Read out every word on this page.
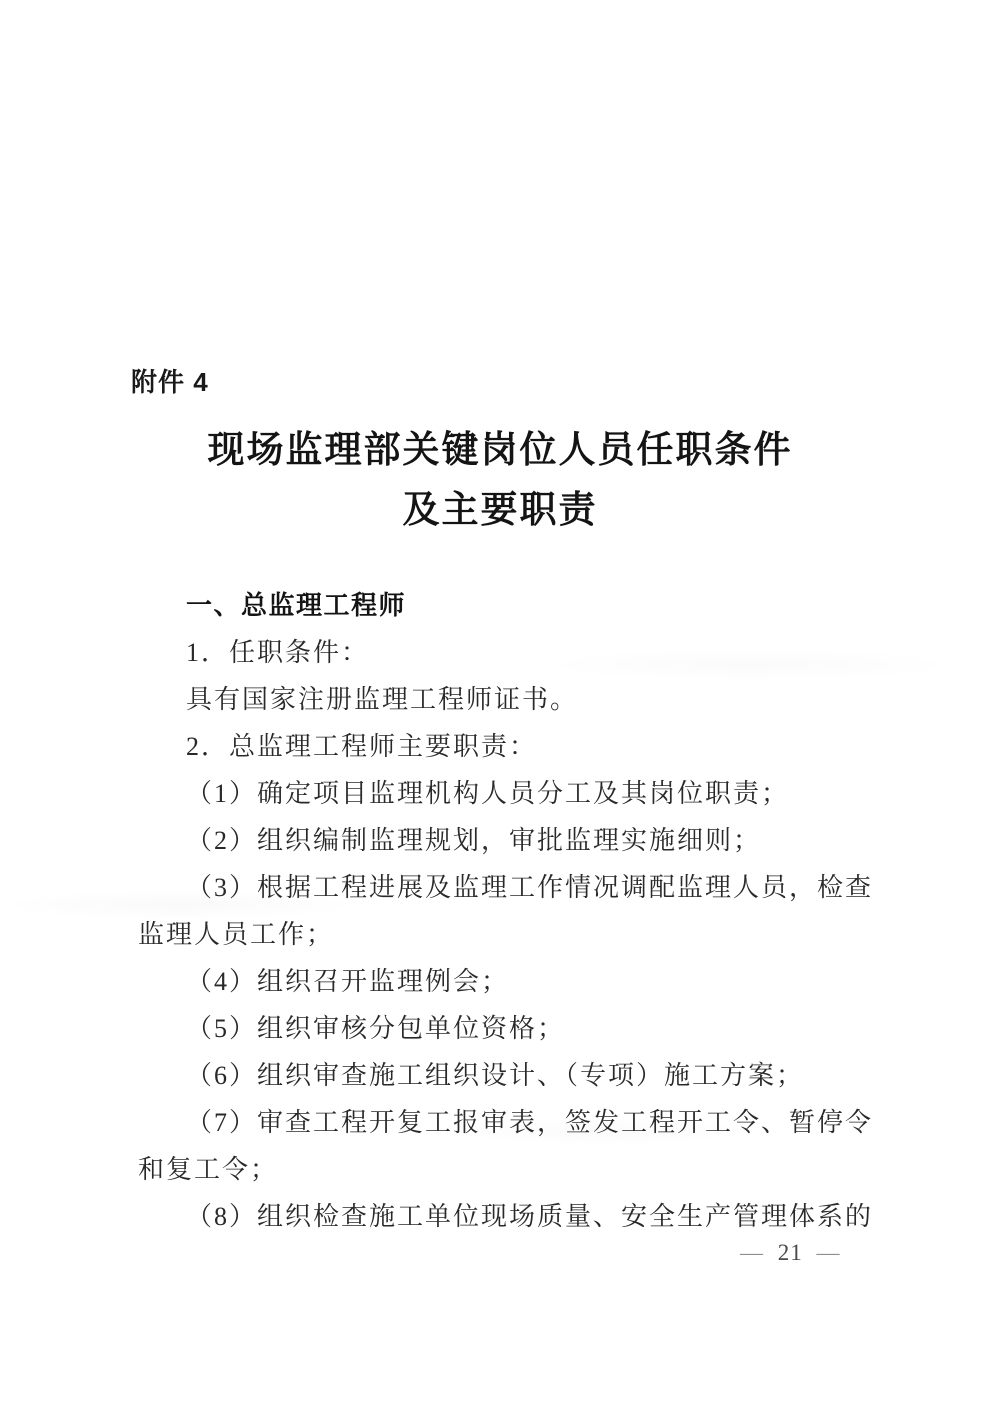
附件 4
现场监理部关键岗位人员任职条件
及主要职责
一、总监理工程师
1．任职条件：
具有国家注册监理工程师证书。
2．总监理工程师主要职责：
（1）确定项目监理机构人员分工及其岗位职责；
（2）组织编制监理规划，审批监理实施细则；
（3）根据工程进展及监理工作情况调配监理人员，检查
监理人员工作；
（4）组织召开监理例会；
（5）组织审核分包单位资格；
（6）组织审查施工组织设计、（专项）施工方案；
（7）审查工程开复工报审表，签发工程开工令、暂停令
和复工令；
（8）组织检查施工单位现场质量、安全生产管理体系的
— 21 —
